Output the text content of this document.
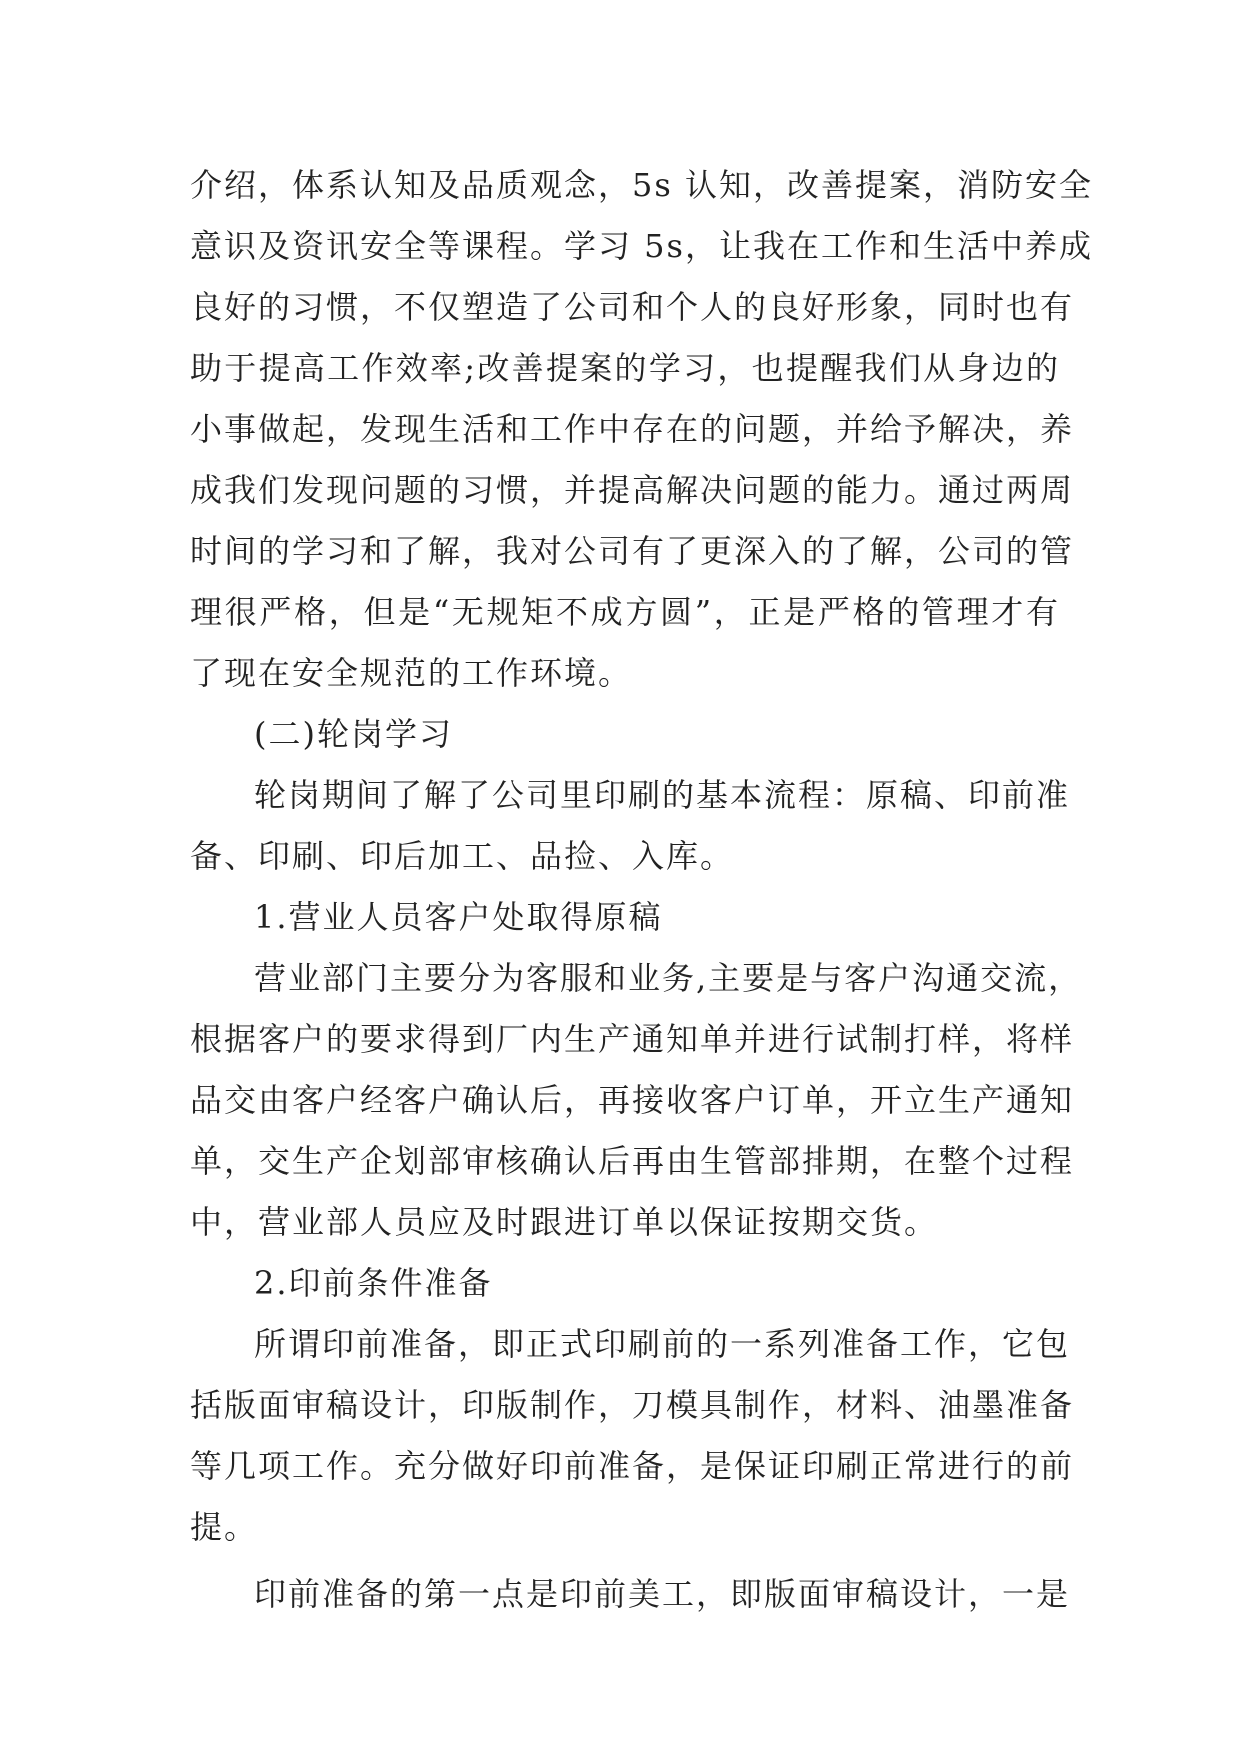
介绍，体系认知及品质观念，5s 认知，改善提案，消防安全
意识及资讯安全等课程。学习 5s，让我在工作和生活中养成
良好的习惯，不仅塑造了公司和个人的良好形象，同时也有
助于提高工作效率;改善提案的学习，也提醒我们从身边的
小事做起，发现生活和工作中存在的问题，并给予解决，养
成我们发现问题的习惯，并提高解决问题的能力。通过两周
时间的学习和了解，我对公司有了更深入的了解，公司的管
理很严格，但是“无规矩不成方圆”，正是严格的管理才有
了现在安全规范的工作环境。
(二)轮岗学习
轮岗期间了解了公司里印刷的基本流程：原稿、印前准
备、印刷、印后加工、品捡、入库。
1.营业人员客户处取得原稿
营业部门主要分为客服和业务,主要是与客户沟通交流，
根据客户的要求得到厂内生产通知单并进行试制打样，将样
品交由客户经客户确认后，再接收客户订单，开立生产通知
单，交生产企划部审核确认后再由生管部排期，在整个过程
中，营业部人员应及时跟进订单以保证按期交货。
2.印前条件准备
所谓印前准备，即正式印刷前的一系列准备工作，它包
括版面审稿设计，印版制作，刀模具制作，材料、油墨准备
等几项工作。充分做好印前准备，是保证印刷正常进行的前
提。
印前准备的第一点是印前美工，即版面审稿设计，一是
